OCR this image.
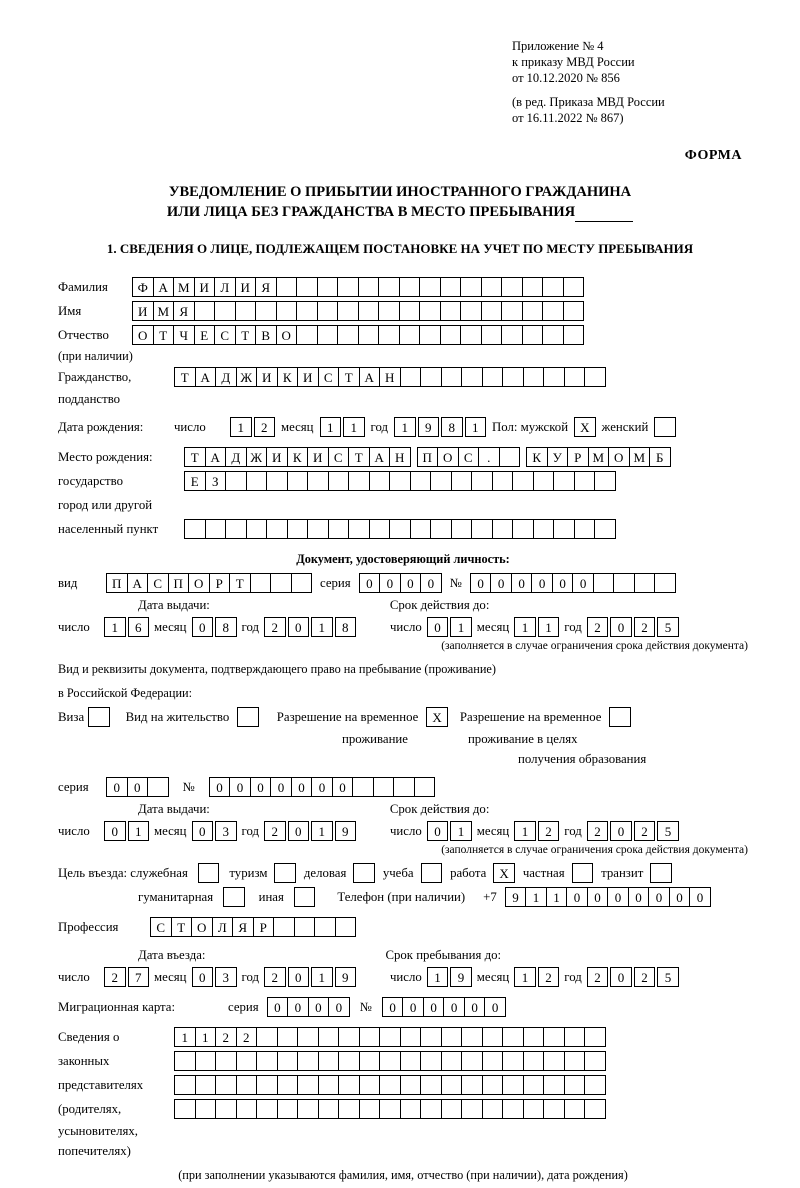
Приложение № 4
к приказу МВД России
от 10.12.2020 № 856
(в ред. Приказа МВД России
от 16.11.2022 № 867)
ФОРМА
УВЕДОМЛЕНИЕ О ПРИБЫТИИ ИНОСТРАННОГО ГРАЖДАНИНА
ИЛИ ЛИЦА БЕЗ ГРАЖДАНСТВА В МЕСТО ПРЕБЫВАНИЯ
1. СВЕДЕНИЯ О ЛИЦЕ, ПОДЛЕЖАЩЕМ ПОСТАНОВКЕ НА УЧЕТ ПО МЕСТУ ПРЕБЫВАНИЯ
Фамилия	Ф А М И Л И Я
Имя	И М Я
Отчество	О Т Ч Е С Т В О
(при наличии)
Гражданство,	Т А Д Ж И К И С Т А Н
подданство
Дата рождения:	число	1	2	месяц	1	1	год	1	9	8	1	Пол: мужской X женский
Место рождения:	Т А Д Ж И К И С Т А Н	П О С	.	К У Р М О М Б
государство	Е	З
город или другой
населенный пункт
Документ, удостоверяющий личность:
вид	П А С П О Р Т	серия	0	0	0	0	№	0	0	0	0	0	0
Дата выдачи:	Срок действия до:
число	1	6 месяц 0	8 год 2	0	1	8	число 0	1 месяц 1	1 год 2	0	2	5
(заполняется в случае ограничения срока действия документа)
Вид и реквизиты документа, подтверждающего право на пребывание (проживание)
в Российской Федерации:
Виза	Вид на жительство	Разрешение на временное	X	Разрешение на временное
проживание	проживание в целях
получения образования
серия	0	0	№	0	0	0	0	0	0	0
Дата выдачи:	Срок действия до:
число	0	1 месяц 0	3 год 2	0	1	9	число 0	1 месяц 1	2 год 2	0	2	5
(заполняется в случае ограничения срока действия документа)
Цель въезда: служебная	туризм	деловая	учеба	работа	X	частная	транзит
гуманитарная	иная	Телефон (при наличии)	+7	9	1	1	0	0	0	0	0	0	0
Профессия	С Т О Л Я Р
Дата въезда:	Срок пребывания до:
число	2	7 месяц 0	3 год 2	0	1	9	число 1	9 месяц 1	2 год 2	0	2	5
Миграционная карта:	серия	0	0	0	0	№	0	0	0	0	0	0
Сведения о	1	1	2	2
законных
представителях
(родителях,
усыновителях,
попечителях)
(при заполнении указываются фамилия, имя, отчество (при наличии), дата рождения)
